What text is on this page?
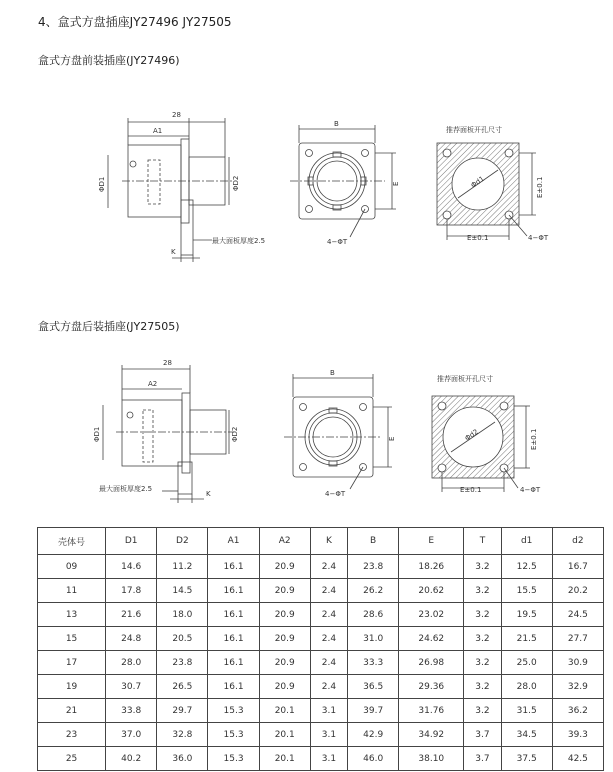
4、盒式方盘插座JY27496 JY27505
盒式方盘前装插座(JY27496)
盒式方盘后装插座(JY27505)
28
A1
ΦD1	ΦD2
K
最大面板厚度2.5
B
E
4−ΦT
推荐面板开孔尺寸
Φd1
E±0.1
E±0.1
4−ΦT
28
A2
ΦD1	ΦD2
K
最大面板厚度2.5
B
E
4−ΦT
推荐面板开孔尺寸
Φd2
E±0.1
E±0.1
4−ΦT
壳体号	D1	D2	A1	A2	K	B	E	T	d1	d2
09	14.6	11.2	16.1	20.9	2.4	23.8	18.26	3.2	12.5	16.7
11	17.8	14.5	16.1	20.9	2.4	26.2	20.62	3.2	15.5	20.2
13	21.6	18.0	16.1	20.9	2.4	28.6	23.02	3.2	19.5	24.5
15	24.8	20.5	16.1	20.9	2.4	31.0	24.62	3.2	21.5	27.7
17	28.0	23.8	16.1	20.9	2.4	33.3	26.98	3.2	25.0	30.9
19	30.7	26.5	16.1	20.9	2.4	36.5	29.36	3.2	28.0	32.9
21	33.8	29.7	15.3	20.1	3.1	39.7	31.76	3.2	31.5	36.2
23	37.0	32.8	15.3	20.1	3.1	42.9	34.92	3.7	34.5	39.3
25	40.2	36.0	15.3	20.1	3.1	46.0	38.10	3.7	37.5	42.5
